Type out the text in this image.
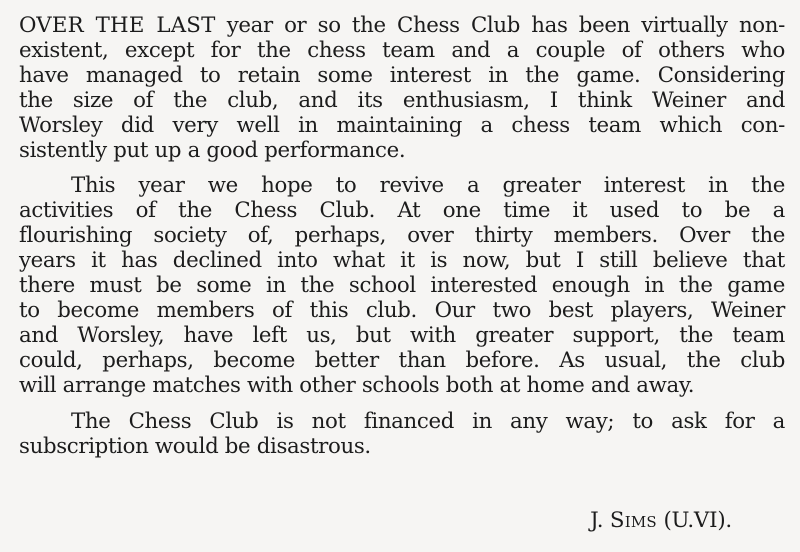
OVER THE LAST year or so the Chess Club has been virtually non-
existent, except for the chess team and a couple of others who
have managed to retain some interest in the game. Considering
the size of the club, and its enthusiasm, I think Weiner and
Worsley did very well in maintaining a chess team which con-
sistently put up a good performance.

This year we hope to revive a greater interest in the
activities of the Chess Club. At one time it used to be a
flourishing society of, perhaps, over thirty members. Over the
years it has declined into what it is now, but I still believe that
there must be some in the school interested enough in the game
to become members of this club. Our two best players, Weiner
and Worsley, have left us, but with greater support, the team
could, perhaps, become better than before. As usual, the club
will arrange matches with other schools both at home and away.

The Chess Club is not financed in any way; to ask for a
subscription would be disastrous.

J. Sims (U.VI).
